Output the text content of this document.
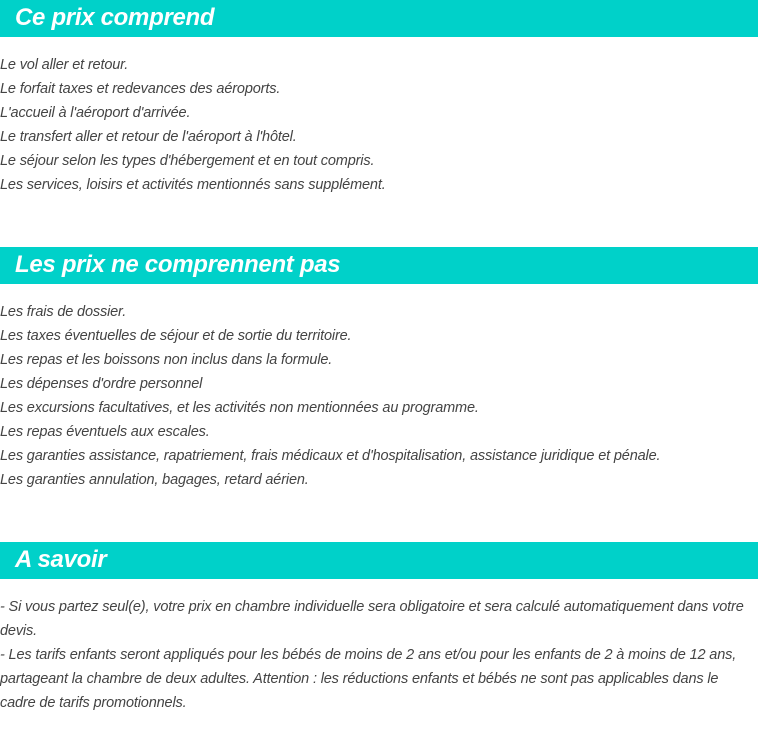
Ce prix comprend
Le vol aller et retour.
Le forfait taxes et redevances des aéroports.
L'accueil à l'aéroport d'arrivée.
Le transfert aller et retour de l'aéroport à l'hôtel.
Le séjour selon les types d'hébergement et en tout compris.
Les services, loisirs et activités mentionnés sans supplément.
Les prix ne comprennent pas
Les frais de dossier.
Les taxes éventuelles de séjour et de sortie du territoire.
Les repas et les boissons non inclus dans la formule.
Les dépenses d'ordre personnel
Les excursions facultatives, et les activités non mentionnées au programme.
Les repas éventuels aux escales.
Les garanties assistance, rapatriement, frais médicaux et d'hospitalisation, assistance juridique et pénale.
Les garanties annulation, bagages, retard aérien.
A savoir

- Si vous partez seul(e), votre prix en chambre individuelle sera obligatoire et sera calculé automatiquement dans votre devis.

- Les tarifs enfants seront appliqués pour les bébés de moins de 2 ans et/ou pour les enfants de 2 à moins de 12 ans, partageant la chambre de deux adultes. Attention : les réductions enfants et bébés ne sont pas applicables dans le cadre de tarifs promotionnels.
